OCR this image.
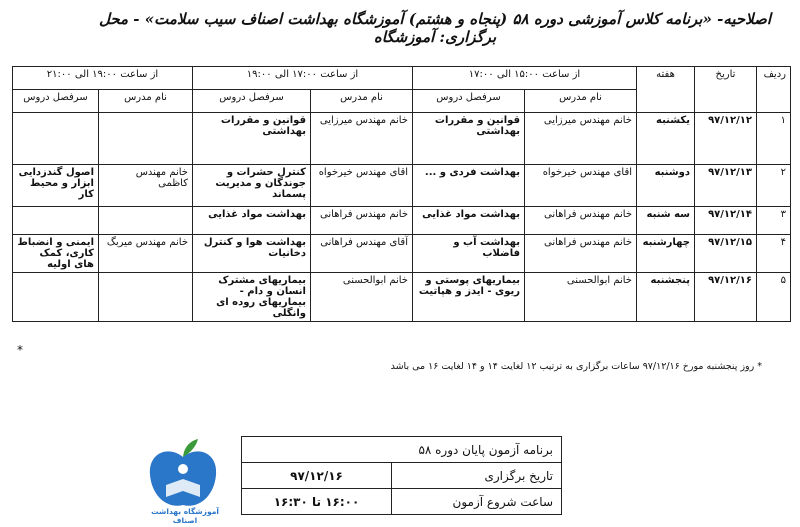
اصلاحیه- «برنامه کلاس آموزشی دوره ۵۸ (پنجاه و هشتم) آموزشگاه بهداشت اصناف سیب سلامت» - محل برگزاری: آموزشگاه
ردیف	تاریخ	هفته	از ساعت ۱۵:۰۰ الی ۱۷:۰۰		از ساعت ۱۷:۰۰ الی ۱۹:۰۰		از ساعت ۱۹:۰۰ الی ۲۱:۰۰	
			نام مدرس	سرفصل دروس	نام مدرس	سرفصل دروس	نام مدرس	سرفصل دروس
۱	۹۷/۱۲/۱۲	یکشنبه	خانم مهندس میرزایی	قوانین و مقررات بهداشتی	خانم مهندس میرزایی	قوانین و مقررات بهداشتی		
۲	۹۷/۱۲/۱۳	دوشنبه	اقای مهندس خیرخواه	بهداشت فردی و ...	اقای مهندس خیرخواه	کنترل حشرات و جوندگان و مدیریت پسماند	خانم مهندس کاظمی	اصول گندزدایی ابزار و محیط کار
۳	۹۷/۱۲/۱۴	سه شنبه	خانم مهندس فراهانی	بهداشت مواد غذایی	خانم مهندس فراهانی	بهداشت مواد غذایی		
۴	۹۷/۱۲/۱۵	چهارشنبه	خانم مهندس فراهانی	بهداشت آب و فاضلاب	آقای مهندس فراهانی	بهداشت هوا و کنترل دخانیات	خانم مهندس میربگ	ایمنی و انضباط کاری، کمک های اولیه
۵	۹۷/۱۲/۱۶	پنجشنبه	خانم ابوالحسنی	بیماریهای پوستی و ریوی - ایدز و هپاتیت	خانم ابوالحسنی	بیماریهای مشترک انسان و دام - بیماریهای روده ای وانگلی		
*
* روز پنجشنبه مورخ ۹۷/۱۲/۱۶ ساعات برگزاری به ترتیب ۱۲ لغایت ۱۴ و ۱۴ لغایت ۱۶ می باشد
آموزشگاه بهداشت اصناف
برنامه آزمون پایان دوره ۵۸	
تاریخ برگزاری	۹۷/۱۲/۱۶
ساعت شروع آزمون	۱۶:۰۰ تا ۱۶:۳۰
